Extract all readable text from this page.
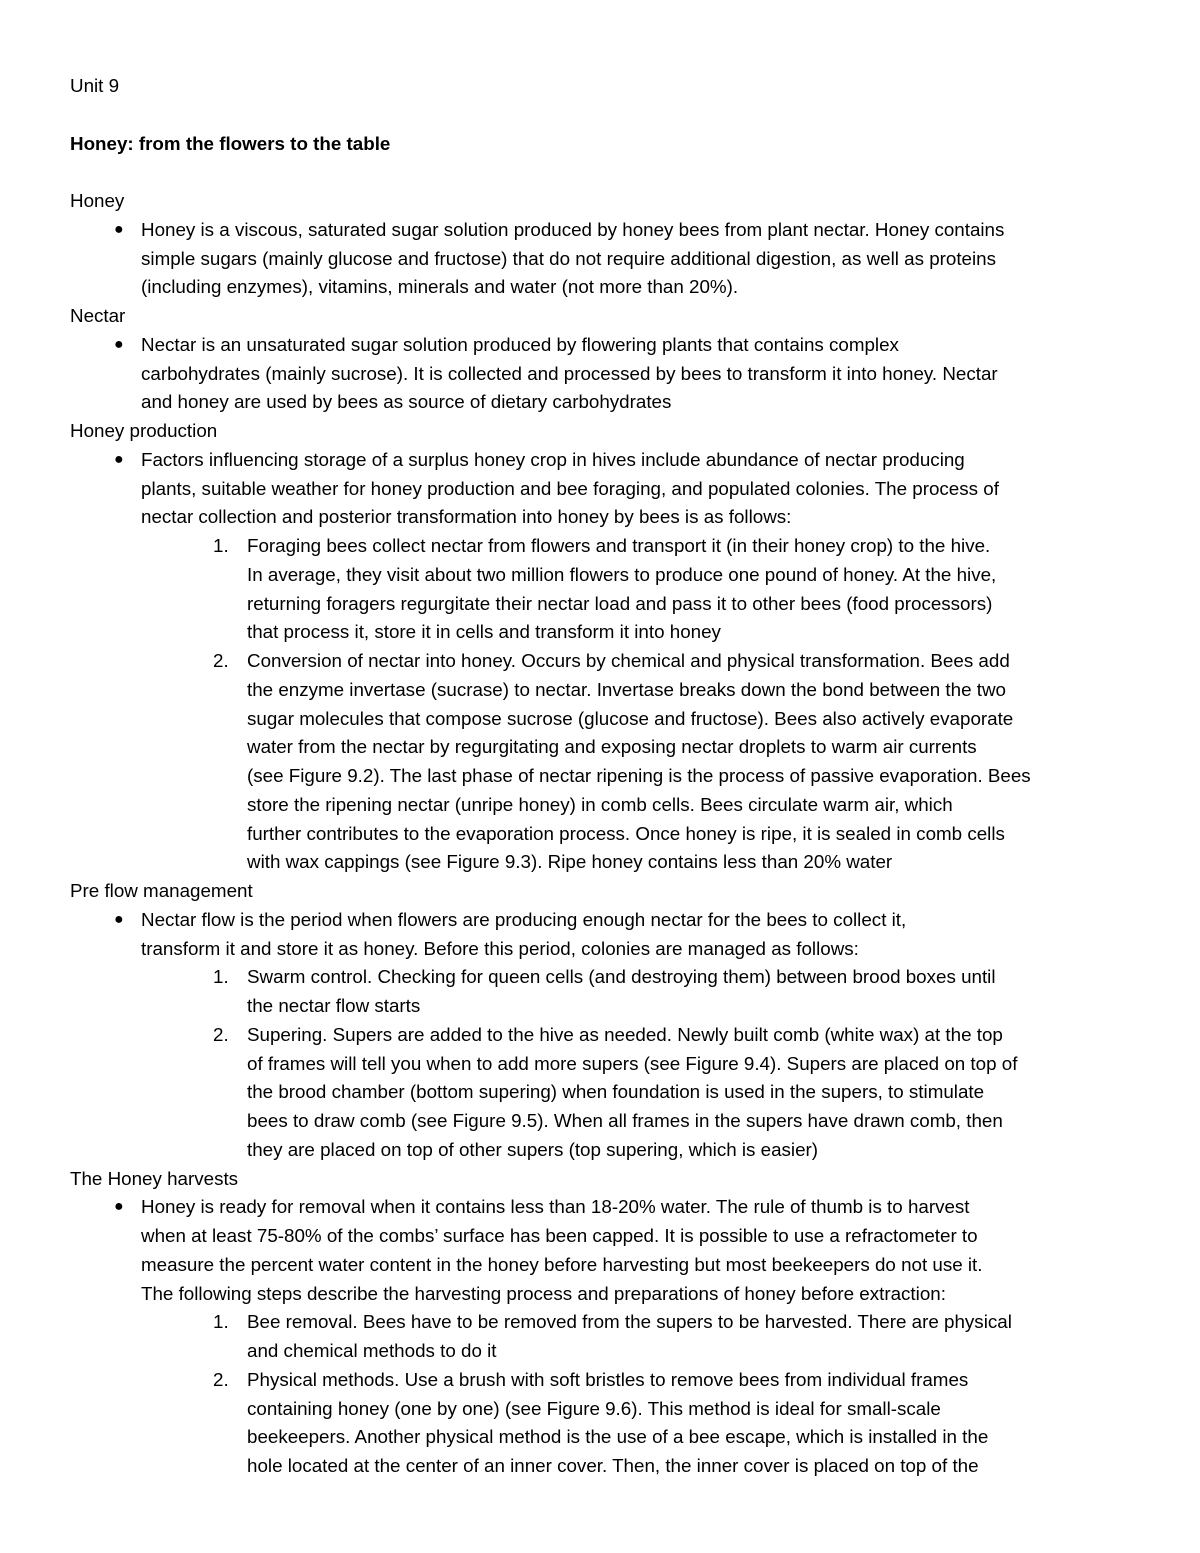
Unit 9
Honey: from the flowers to the table
Honey
● Honey is a viscous, saturated sugar solution produced by honey bees from plant nectar. Honey contains
simple sugars (mainly glucose and fructose) that do not require additional digestion, as well as proteins
(including enzymes), vitamins, minerals and water (not more than 20%).
Nectar
● Nectar is an unsaturated sugar solution produced by flowering plants that contains complex
carbohydrates (mainly sucrose). It is collected and processed by bees to transform it into honey. Nectar
and honey are used by bees as source of dietary carbohydrates
Honey production
● Factors influencing storage of a surplus honey crop in hives include abundance of nectar producing
plants, suitable weather for honey production and bee foraging, and populated colonies. The process of
nectar collection and posterior transformation into honey by bees is as follows:
1. Foraging bees collect nectar from flowers and transport it (in their honey crop) to the hive.
In average, they visit about two million flowers to produce one pound of honey. At the hive,
returning foragers regurgitate their nectar load and pass it to other bees (food processors)
that process it, store it in cells and transform it into honey
2. Conversion of nectar into honey. Occurs by chemical and physical transformation. Bees add
the enzyme invertase (sucrase) to nectar. Invertase breaks down the bond between the two
sugar molecules that compose sucrose (glucose and fructose). Bees also actively evaporate
water from the nectar by regurgitating and exposing nectar droplets to warm air currents
(see Figure 9.2). The last phase of nectar ripening is the process of passive evaporation. Bees
store the ripening nectar (unripe honey) in comb cells. Bees circulate warm air, which
further contributes to the evaporation process. Once honey is ripe, it is sealed in comb cells
with wax cappings (see Figure 9.3). Ripe honey contains less than 20% water
Pre flow management
● Nectar flow is the period when flowers are producing enough nectar for the bees to collect it,
transform it and store it as honey. Before this period, colonies are managed as follows:
1. Swarm control. Checking for queen cells (and destroying them) between brood boxes until
the nectar flow starts
2. Supering. Supers are added to the hive as needed. Newly built comb (white wax) at the top
of frames will tell you when to add more supers (see Figure 9.4). Supers are placed on top of
the brood chamber (bottom supering) when foundation is used in the supers, to stimulate
bees to draw comb (see Figure 9.5). When all frames in the supers have drawn comb, then
they are placed on top of other supers (top supering, which is easier)
The Honey harvests
● Honey is ready for removal when it contains less than 18-20% water. The rule of thumb is to harvest
when at least 75-80% of the combs’ surface has been capped. It is possible to use a refractometer to
measure the percent water content in the honey before harvesting but most beekeepers do not use it.
The following steps describe the harvesting process and preparations of honey before extraction:
1. Bee removal. Bees have to be removed from the supers to be harvested. There are physical
and chemical methods to do it
2. Physical methods. Use a brush with soft bristles to remove bees from individual frames
containing honey (one by one) (see Figure 9.6). This method is ideal for small-scale
beekeepers. Another physical method is the use of a bee escape, which is installed in the
hole located at the center of an inner cover. Then, the inner cover is placed on top of the
